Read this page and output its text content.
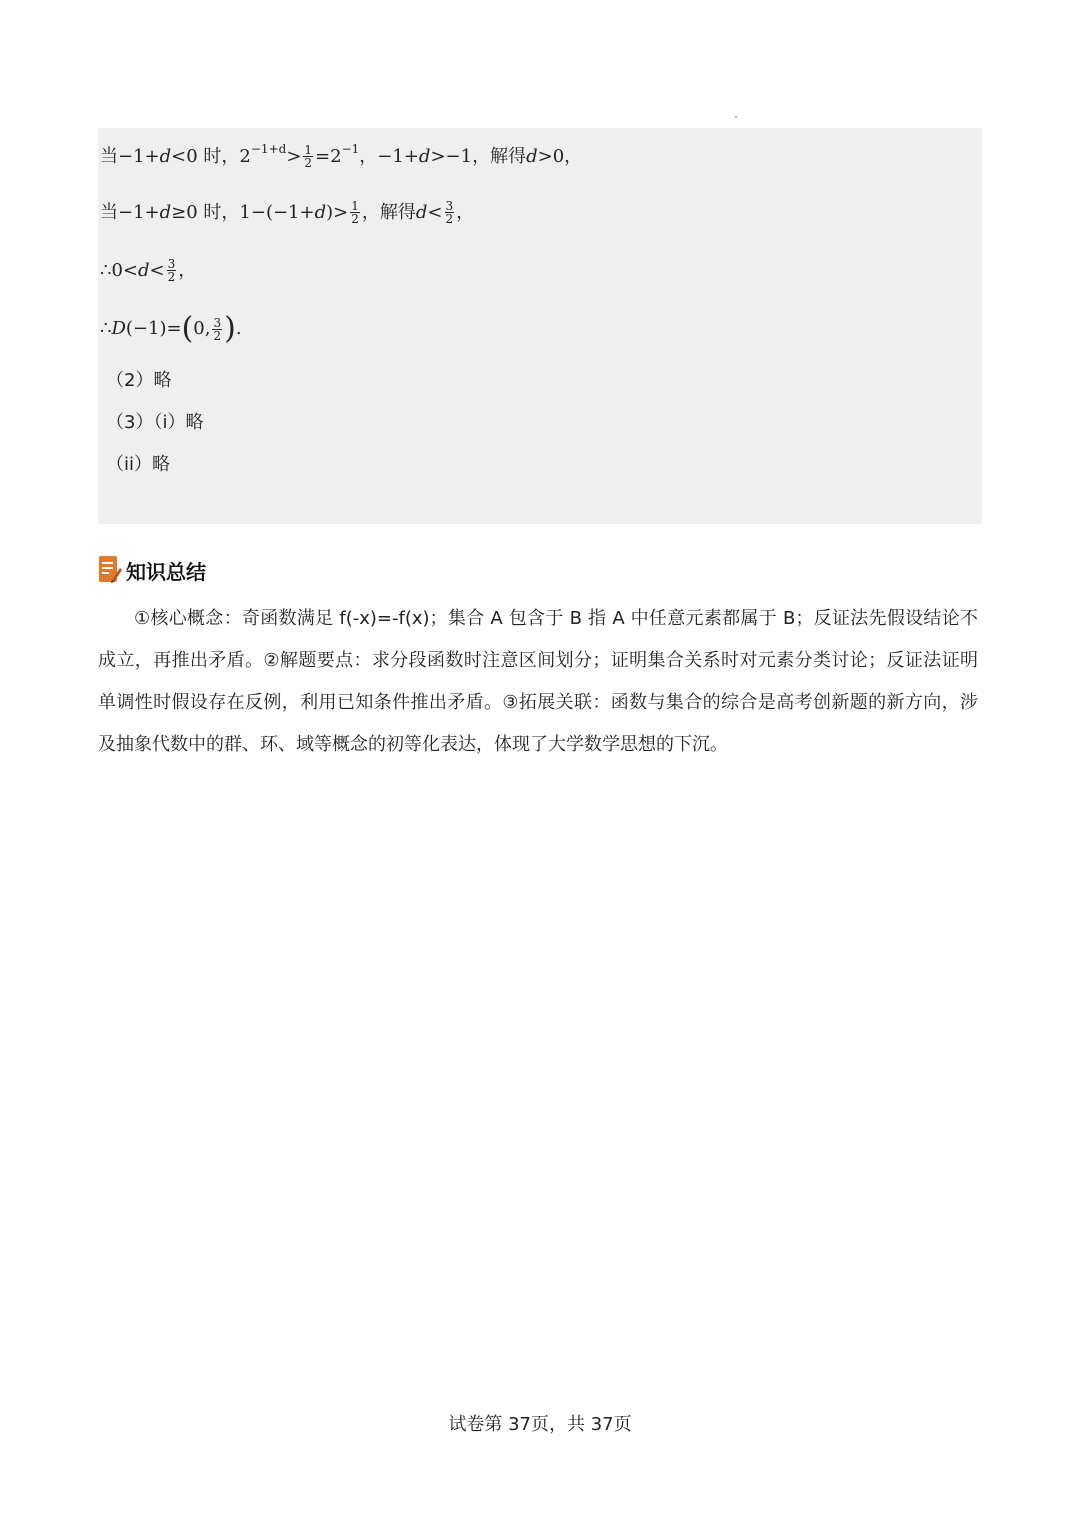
当−1+ d <0 时，$2 -1+d > \frac{1}{2} =2 -1$ ，−1+ d >−1，解得 d >0，
当−1+ d ≥0 时，1−(−1+ d )> $\frac{1}{2}$ ，解得 $d < \frac{3}{2}$ ，
∴0< $d < \frac{3}{2}$ ，
∴ D (−1)= ( 0, $\frac{3}{2}$ ) .
（2）略
（3）（i）略
（ii）略
知识总结
①核心概念：奇函数满足 f(-x)=-f(x)；集合 A 包含于 B 指 A 中任意元素都属于 B；反证法先假设结论不成立，再推出矛盾。②解题要点：求分段函数时注意区间划分；证明集合关系时对元素分类讨论；反证法证明单调性时假设存在反例，利用已知条件推出矛盾。③拓展关联：函数与集合的综合是高考创新题的新方向，涉及抽象代数中的群、环、域等概念的初等化表达，体现了大学数学思想的下沉。
试卷第 37页，共 37页
